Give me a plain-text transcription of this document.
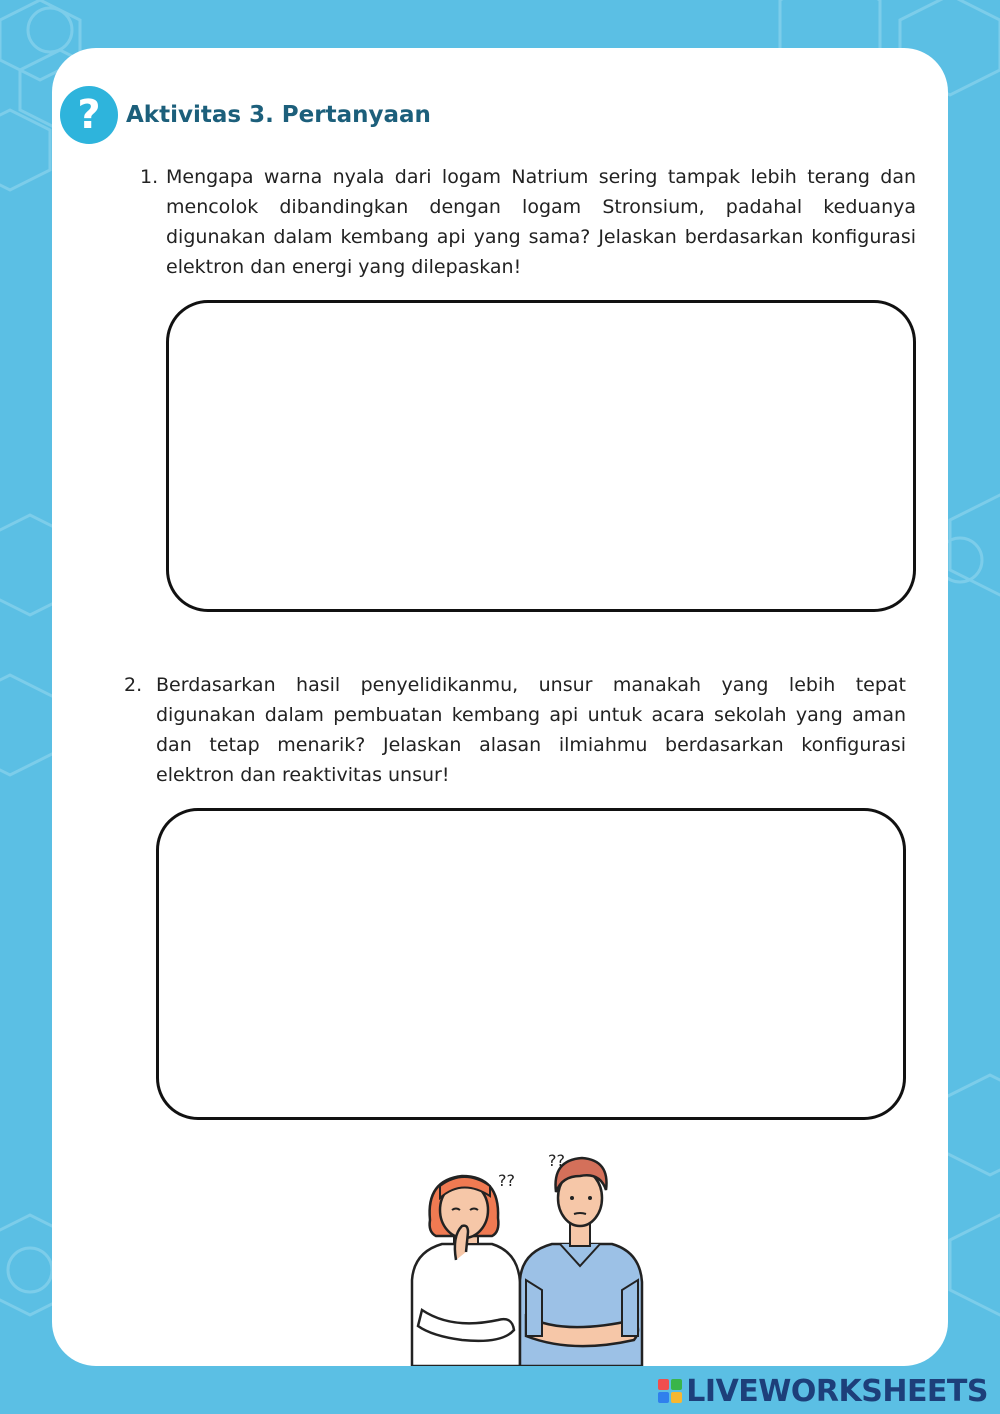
?	Aktivitas 3. Pertanyaan
1. Mengapa warna nyala dari logam Natrium sering tampak lebih terang dan mencolok dibandingkan dengan logam Stronsium, padahal keduanya digunakan dalam kembang api yang sama? Jelaskan berdasarkan konfigurasi elektron dan energi yang dilepaskan!
2. Berdasarkan hasil penyelidikanmu, unsur manakah yang lebih tepat digunakan dalam pembuatan kembang api untuk acara sekolah yang aman dan tetap menarik? Jelaskan alasan ilmiahmu berdasarkan konfigurasi elektron dan reaktivitas unsur!
??
??
LIVEWORKSHEETS
